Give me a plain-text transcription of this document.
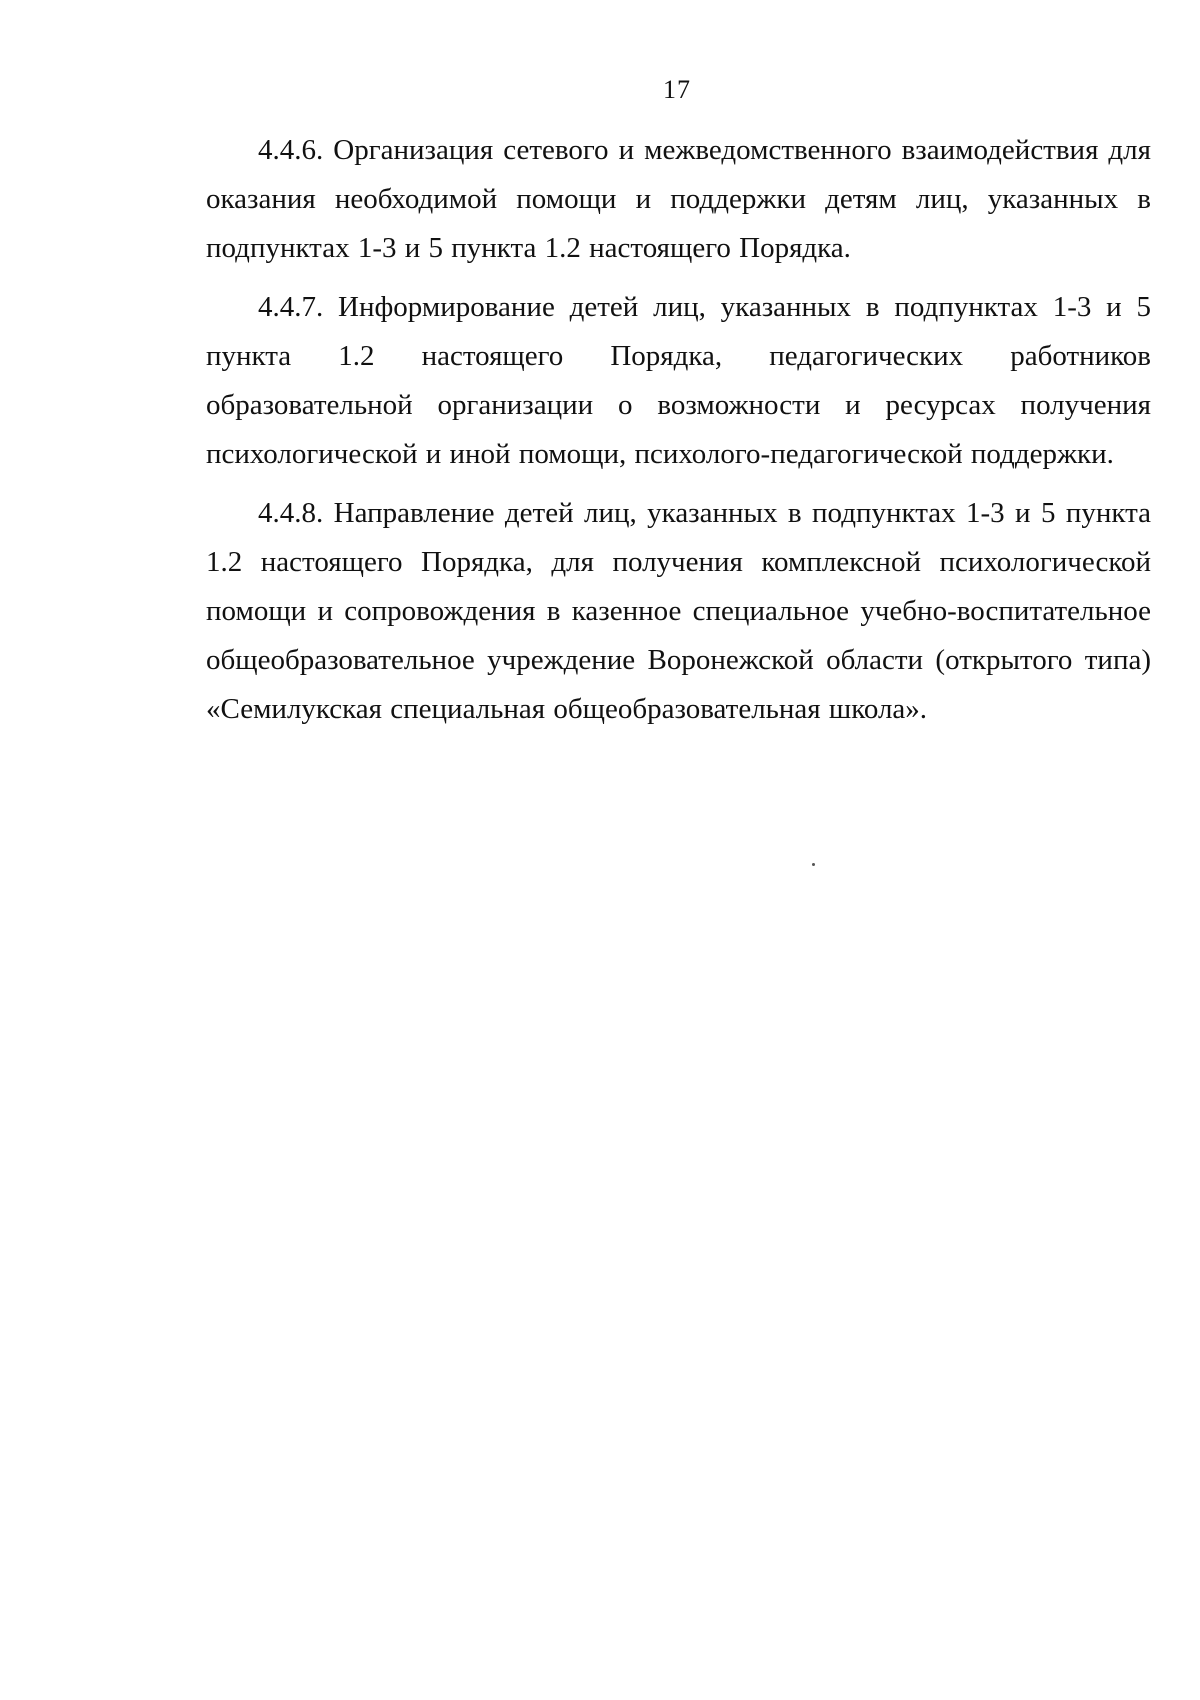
17

4.4.6. Организация сетевого и межведомственного взаимодействия для оказания необходимой помощи и поддержки детям лиц, указанных в подпунктах 1-3 и 5 пункта 1.2 настоящего Порядка.

4.4.7. Информирование детей лиц, указанных в подпунктах 1-3 и 5 пункта 1.2 настоящего Порядка, педагогических работников образовательной организации о возможности и ресурсах получения психологической и иной помощи, психолого-педагогической поддержки.

4.4.8. Направление детей лиц, указанных в подпунктах 1-3 и 5 пункта 1.2 настоящего Порядка, для получения комплексной психологической помощи и сопровождения в казенное специальное учебно-воспитательное общеобразовательное учреждение Воронежской области (открытого типа) «Семилукская специальная общеобразовательная школа».
